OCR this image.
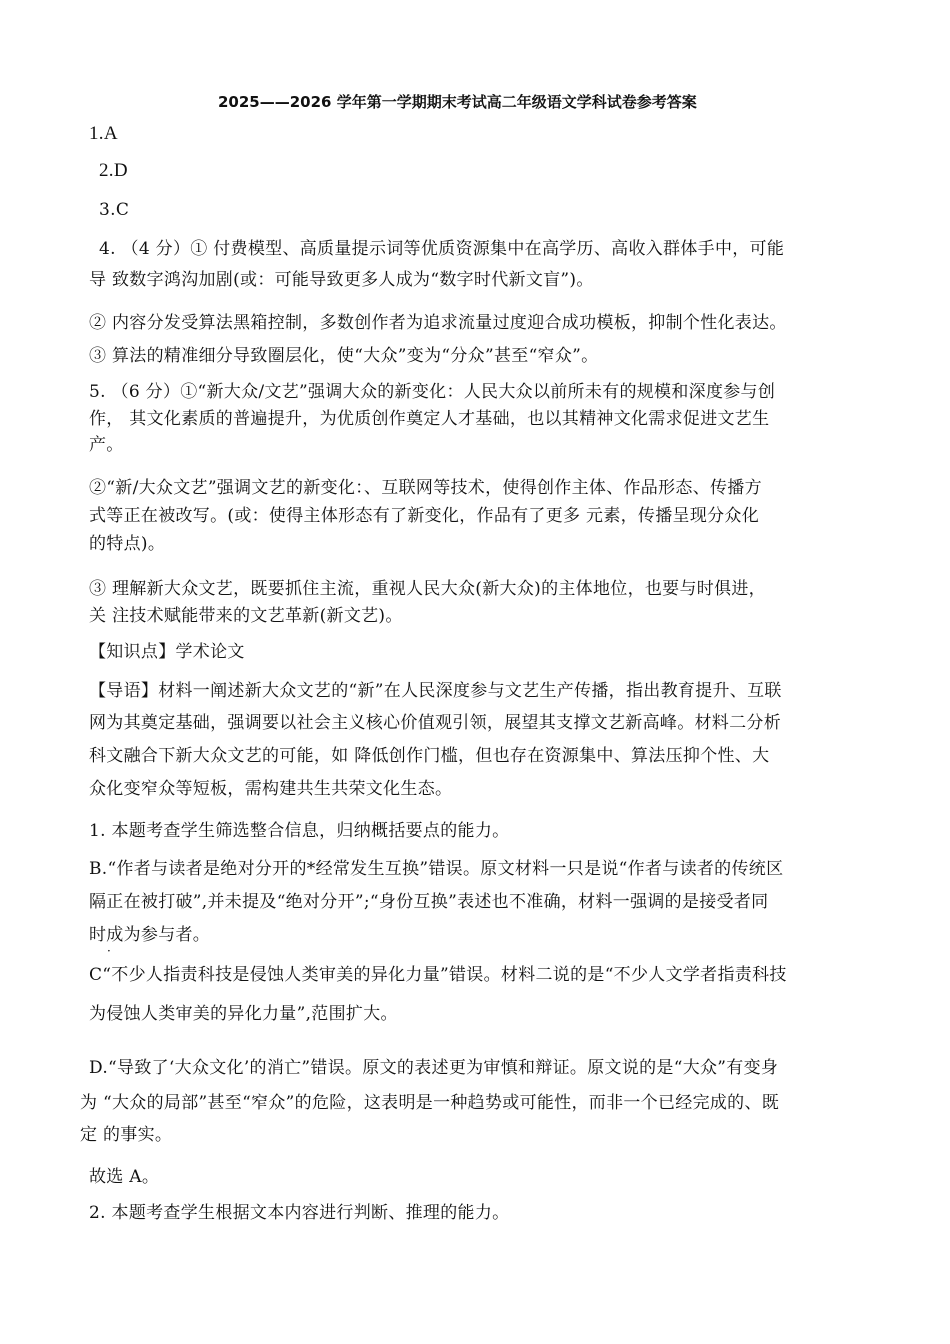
2025——2026 学年第一学期期末考试高二年级语文学科试卷参考答案
1.A
2.D
3.C
4. （4 分）① 付费模型、高质量提示词等优质资源集中在高学历、高收入群体手中，可能
导 致数字鸿沟加剧(或：可能导致更多人成为“数字时代新文盲”)。
② 内容分发受算法黑箱控制，多数创作者为追求流量过度迎合成功模板，抑制个性化表达。
③ 算法的精准细分导致圈层化，使“大众”变为“分众”甚至“窄众”。
5. （6 分）①“新大众/文艺”强调大众的新变化：人民大众以前所未有的规模和深度参与创
作， 其文化素质的普遍提升，为优质创作奠定人才基础，也以其精神文化需求促进文艺生
产。
②“新/大众文艺”强调文艺的新变化：、互联网等技术，使得创作主体、作品形态、传播方
式等正在被改写。(或：使得主体形态有了新变化，作品有了更多 元素，传播呈现分众化
的特点)。
③ 理解新大众文艺，既要抓住主流，重视人民大众(新大众)的主体地位，也要与时俱进，
关 注技术赋能带来的文艺革新(新文艺)。
【知识点】学术论文
【导语】材料一阐述新大众文艺的“新”在人民深度参与文艺生产传播，指出教育提升、互联
网为其奠定基础，强调要以社会主义核心价值观引领，展望其支撑文艺新高峰。材料二分析
科文融合下新大众文艺的可能，如 降低创作门槛，但也存在资源集中、算法压抑个性、大
众化变窄众等短板，需构建共生共荣文化生态。
1. 本题考查学生筛选整合信息，归纳概括要点的能力。
B.“作者与读者是绝对分开的*经常发生互换”错误。原文材料一只是说“作者与读者的传统区
隔正在被打破”,并未提及“绝对分开”;“身份互换”表述也不准确，材料一强调的是接受者同
时成为参与者。
·
C“不少人指责科技是侵蚀人类审美的异化力量”错误。材料二说的是“不少人文学者指责科技
为侵蚀人类审美的异化力量”,范围扩大。
D.“导致了‘大众文化’的消亡”错误。原文的表述更为审慎和辩证。原文说的是“大众”有变身
为 “大众的局部”甚至“窄众”的危险，这表明是一种趋势或可能性，而非一个已经完成的、既
定 的事实。
故选 A。
2. 本题考查学生根据文本内容进行判断、推理的能力。
